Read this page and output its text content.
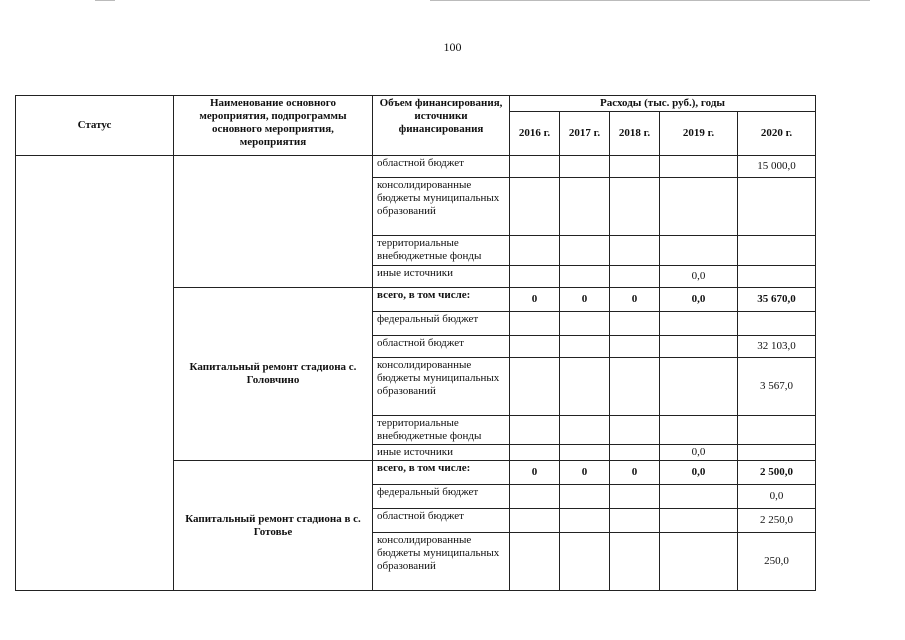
100
Статус	Наименование основного мероприятия, подпрограммы основного мероприятия, мероприятия	Объем финансирования, источники финансирования	Расходы (тыс. руб.), годы				
			2016 г.	2017 г.	2018 г.	2019 г.	2020 г.
		областной бюджет					15 000,0
		консолидированные бюджеты муниципальных образований					
		территориальные внебюджетные фонды					
		иные источники				0,0	
	Капитальный ремонт стадиона с. Головчино	всего, в том числе:	0	0	0	0,0	35 670,0
		федеральный бюджет					
		областной бюджет					32 103,0
		консолидированные бюджеты муниципальных образований					3 567,0
		территориальные внебюджетные фонды					
		иные источники				0,0	
	Капитальный ремонт стадиона в с. Готовье	всего, в том числе:	0	0	0	0,0	2 500,0
		федеральный бюджет					0,0
		областной бюджет					2 250,0
		консолидированные бюджеты муниципальных образований					250,0
